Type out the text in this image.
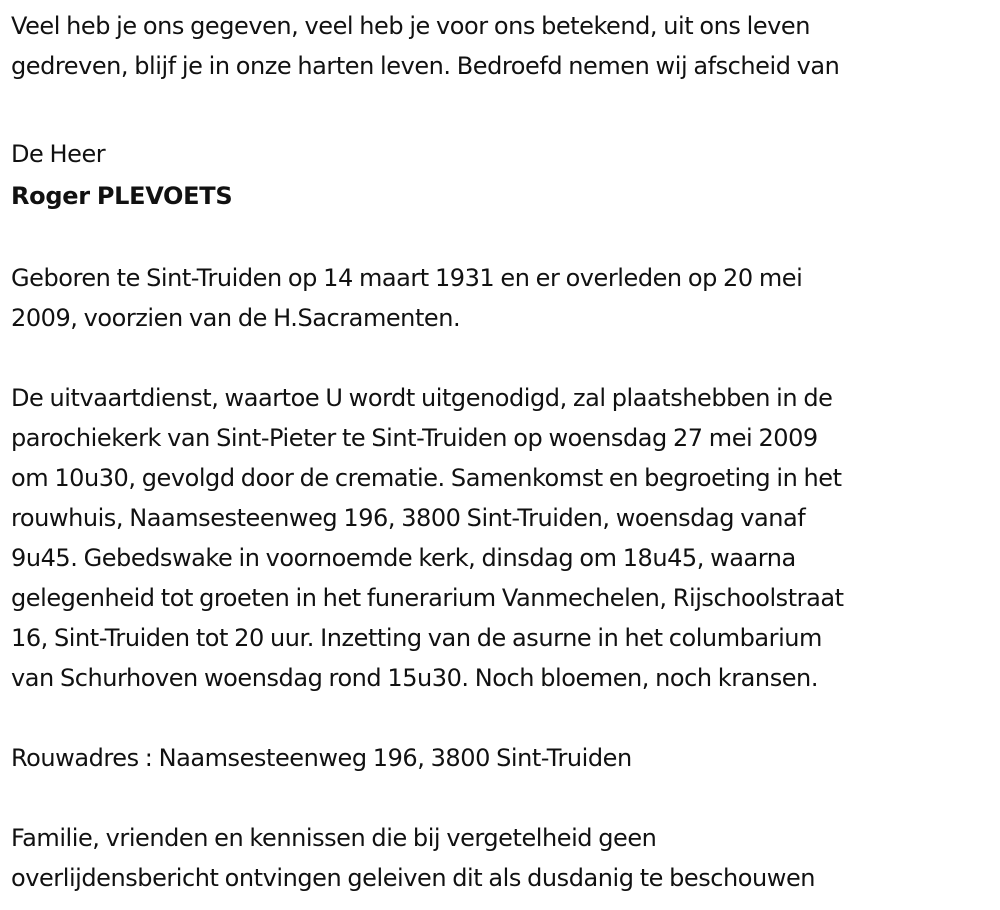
Veel heb je ons gegeven, veel heb je voor ons betekend, uit ons leven
gedreven, blijf je in onze harten leven. Bedroefd nemen wij afscheid van
De Heer
Roger PLEVOETS
Geboren te Sint-Truiden op 14 maart 1931 en er overleden op 20 mei
2009, voorzien van de H.Sacramenten.
De uitvaartdienst, waartoe U wordt uitgenodigd, zal plaatshebben in de
parochiekerk van Sint-Pieter te Sint-Truiden op woensdag 27 mei 2009
om 10u30, gevolgd door de crematie. Samenkomst en begroeting in het
rouwhuis, Naamsesteenweg 196, 3800 Sint-Truiden, woensdag vanaf
9u45. Gebedswake in voornoemde kerk, dinsdag om 18u45, waarna
gelegenheid tot groeten in het funerarium Vanmechelen, Rijschoolstraat
16, Sint-Truiden tot 20 uur. Inzetting van de asurne in het columbarium
van Schurhoven woensdag rond 15u30. Noch bloemen, noch kransen.
Rouwadres : Naamsesteenweg 196, 3800 Sint-Truiden
Familie, vrienden en kennissen die bij vergetelheid geen
overlijdensbericht ontvingen geleiven dit als dusdanig te beschouwen
